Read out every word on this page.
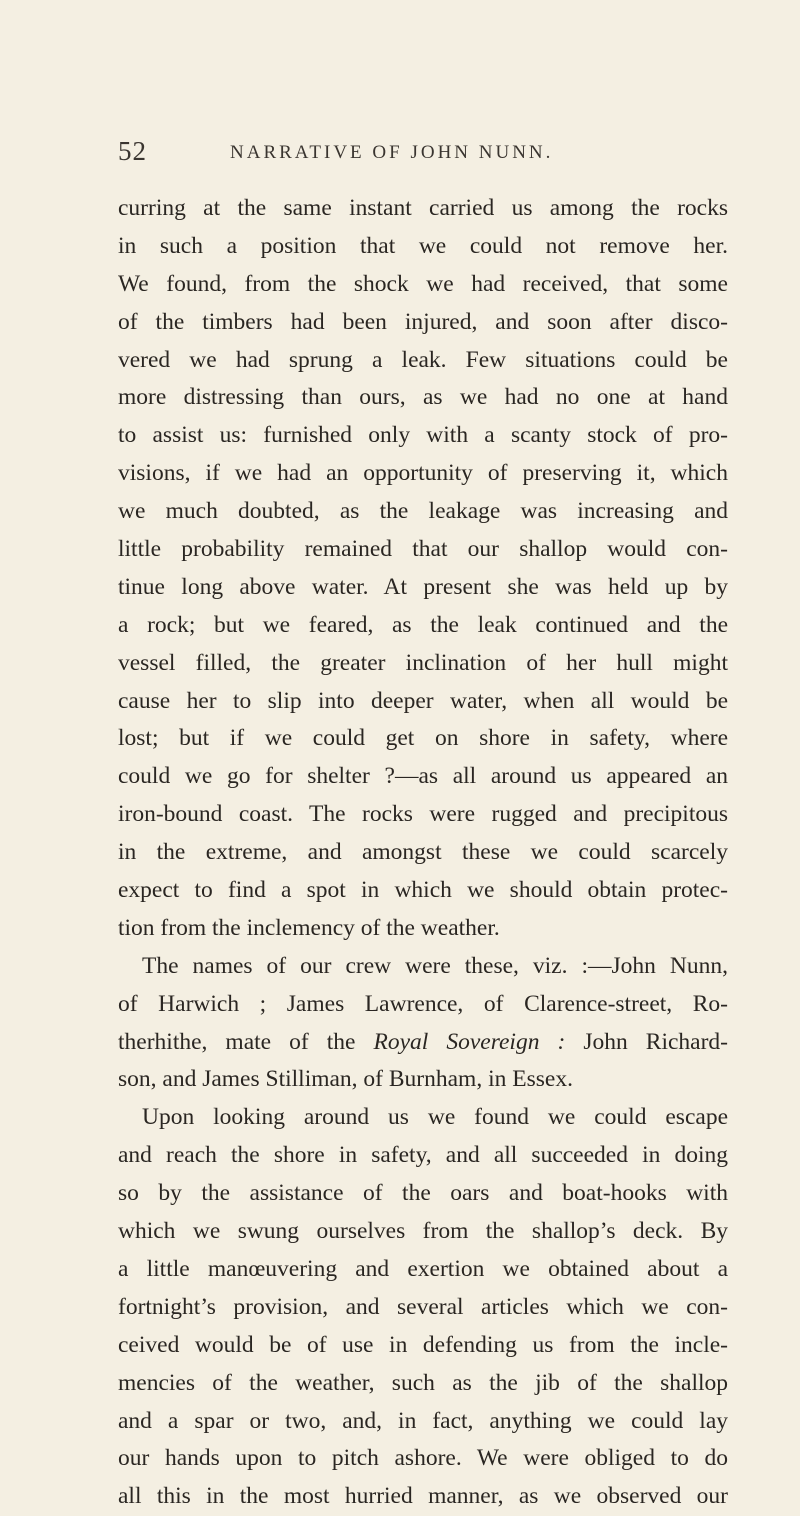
52	NARRATIVE OF JOHN NUNN.
curring at the same instant carried us among the rocks
in such a position that we could not remove her.
We found, from the shock we had received, that some
of the timbers had been injured, and soon after disco-
vered we had sprung a leak. Few situations could be
more distressing than ours, as we had no one at hand
to assist us: furnished only with a scanty stock of pro-
visions, if we had an opportunity of preserving it, which
we much doubted, as the leakage was increasing and
little probability remained that our shallop would con-
tinue long above water. At present she was held up by
a rock; but we feared, as the leak continued and the
vessel filled, the greater inclination of her hull might
cause her to slip into deeper water, when all would be
lost; but if we could get on shore in safety, where
could we go for shelter ?—as all around us appeared an
iron-bound coast. The rocks were rugged and precipitous
in the extreme, and amongst these we could scarcely
expect to find a spot in which we should obtain protec-
tion from the inclemency of the weather.
The names of our crew were these, viz. :—John Nunn,
of Harwich ; James Lawrence, of Clarence-street, Ro-
therhithe, mate of the Royal Sovereign : John Richard-
son, and James Stilliman, of Burnham, in Essex.
Upon looking around us we found we could escape
and reach the shore in safety, and all succeeded in doing
so by the assistance of the oars and boat-hooks with
which we swung ourselves from the shallop’s deck. By
a little manœuvering and exertion we obtained about a
fortnight’s provision, and several articles which we con-
ceived would be of use in defending us from the incle-
mencies of the weather, such as the jib of the shallop
and a spar or two, and, in fact, anything we could lay
our hands upon to pitch ashore. We were obliged to do
all this in the most hurried manner, as we observed our
